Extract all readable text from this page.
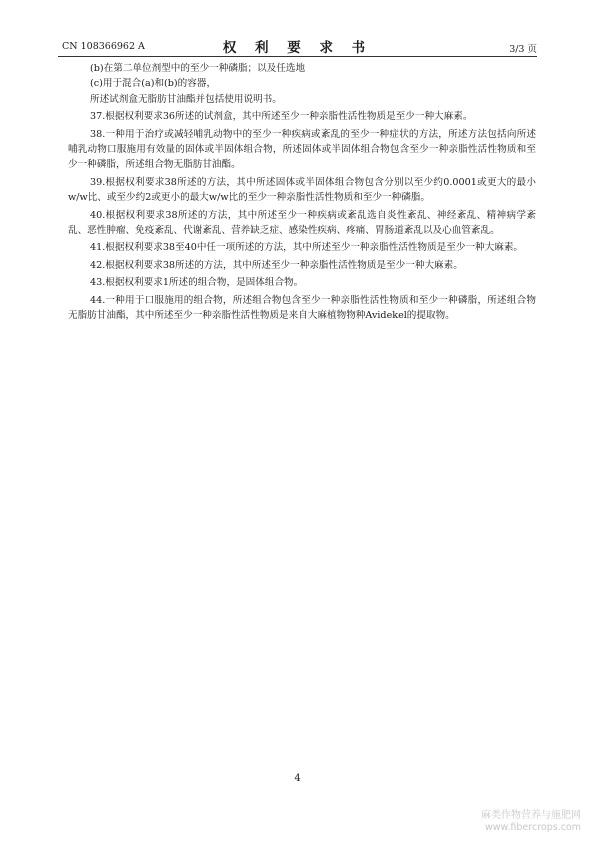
CN 108366962 A	权 利 要 求 书	3/3 页

(b)在第二单位剂型中的至少一种磷脂；以及任选地

(c)用于混合(a)和(b)的容器，

所述试剂盒无脂肪甘油酯并包括使用说明书。

37.根据权利要求36所述的试剂盒，其中所述至少一种亲脂性活性物质是至少一种大麻素。

38.一种用于治疗或减轻哺乳动物中的至少一种疾病或紊乱的至少一种症状的方法，所述方法包括向所述哺乳动物口服施用有效量的固体或半固体组合物，所述固体或半固体组合物包含至少一种亲脂性活性物质和至少一种磷脂，所述组合物无脂肪甘油酯。

39.根据权利要求38所述的方法，其中所述固体或半固体组合物包含分别以至少约0.0001或更大的最小w/w比、或至少约2或更小的最大w/w比的至少一种亲脂性活性物质和至少一种磷脂。

40.根据权利要求38所述的方法，其中所述至少一种疾病或紊乱选自炎性紊乱、神经紊乱、精神病学紊乱、恶性肿瘤、免疫紊乱、代谢紊乱、营养缺乏症、感染性疾病、疼痛、胃肠道紊乱以及心血管紊乱。

41.根据权利要求38至40中任一项所述的方法，其中所述至少一种亲脂性活性物质是至少一种大麻素。

42.根据权利要求38所述的方法，其中所述至少一种亲脂性活性物质是至少一种大麻素。

43.根据权利要求1所述的组合物，是固体组合物。

44.一种用于口服施用的组合物，所述组合物包含至少一种亲脂性活性物质和至少一种磷脂，所述组合物无脂肪甘油酯，其中所述至少一种亲脂性活性物质是来自大麻植物物种Avidekel的提取物。

4
麻类作物营养与施肥网
www.fibercrops.com
